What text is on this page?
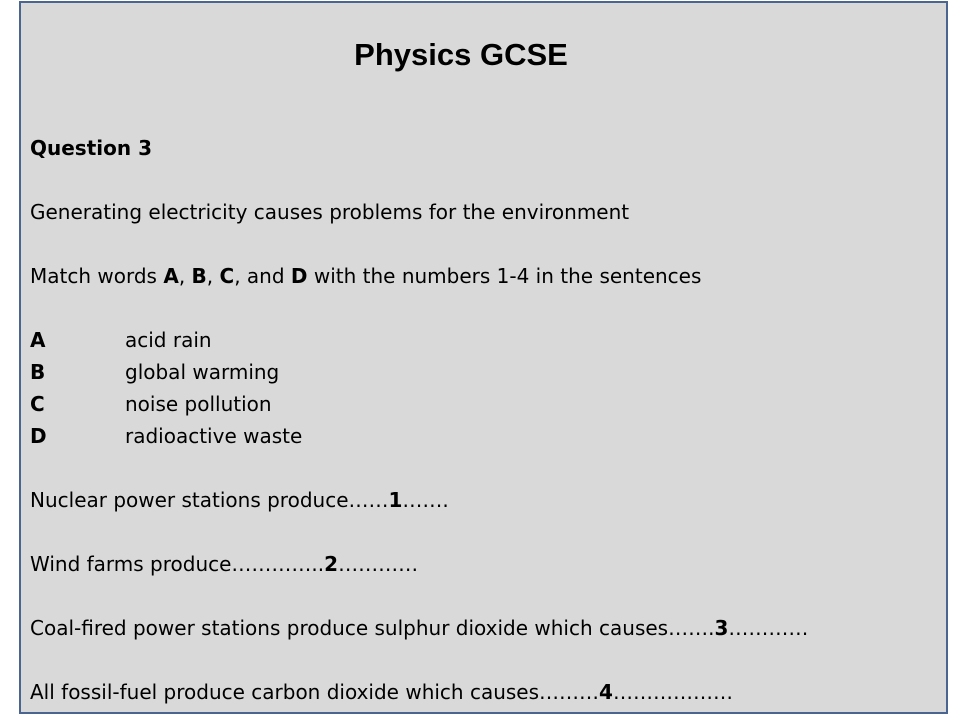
Physics GCSE
Question 3
Generating electricity causes problems for the environment
Match words A, B, C, and D with the numbers 1-4 in the sentences
A	acid rain
B	global warming
C	noise pollution
D	radioactive waste
Nuclear power stations produce……1…….
Wind farms produce…………..2…………
Coal-fired power stations produce sulphur dioxide which causes…….3…………
All fossil-fuel produce carbon dioxide which causes………4………………
